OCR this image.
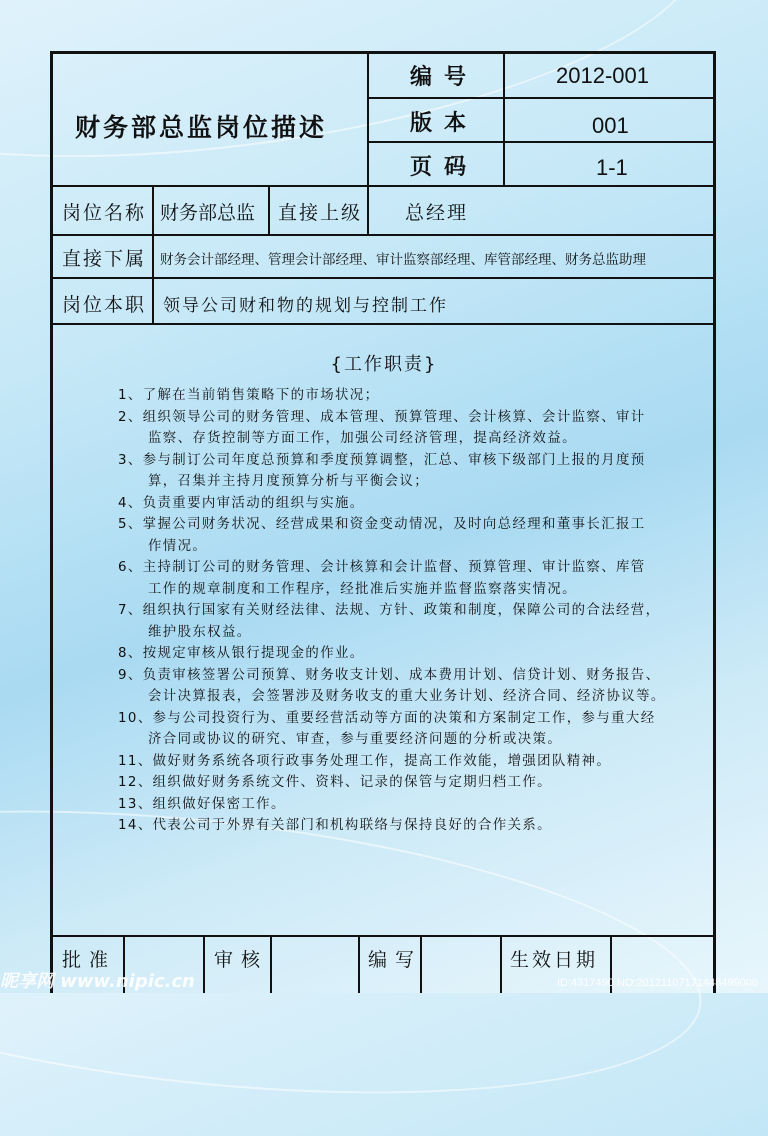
财务部总监岗位描述
编号	2012-001
版本	001
页码	1-1
岗位名称 财务部总监 直接上级 总经理
直接下属 财务会计部经理、管理会计部经理、审计监察部经理、库管部经理、财务总监助理
岗位本职 领导公司财和物的规划与控制工作
{工作职责}
1、了解在当前销售策略下的市场状况；
2、组织领导公司的财务管理、成本管理、预算管理、会计核算、会计监察、审计
监察、存货控制等方面工作，加强公司经济管理，提高经济效益。
3、参与制订公司年度总预算和季度预算调整，汇总、审核下级部门上报的月度预
算，召集并主持月度预算分析与平衡会议；
4、负责重要内审活动的组织与实施。
5、掌握公司财务状况、经营成果和资金变动情况，及时向总经理和董事长汇报工
作情况。
6、主持制订公司的财务管理、会计核算和会计监督、预算管理、审计监察、库管
工作的规章制度和工作程序，经批准后实施并监督监察落实情况。
7、组织执行国家有关财经法律、法规、方针、政策和制度，保障公司的合法经营，
维护股东权益。
8、按规定审核从银行提现金的作业。
9、负责审核签署公司预算、财务收支计划、成本费用计划、信贷计划、财务报告、
会计决算报表，会签署涉及财务收支的重大业务计划、经济合同、经济协议等。
10、参与公司投资行为、重要经营活动等方面的决策和方案制定工作，参与重大经
济合同或协议的研究、审查，参与重要经济问题的分析或决策。
11、做好财务系统各项行政事务处理工作，提高工作效能，增强团队精神。
12、组织做好财务系统文件、资料、记录的保管与定期归档工作。
13、组织做好保密工作。
14、代表公司于外界有关部门和机构联络与保持良好的合作关系。
批准	审核	编写	生效日期
昵享网 www.nipic.cn	ID:4317490 NO:20121107171448499000
